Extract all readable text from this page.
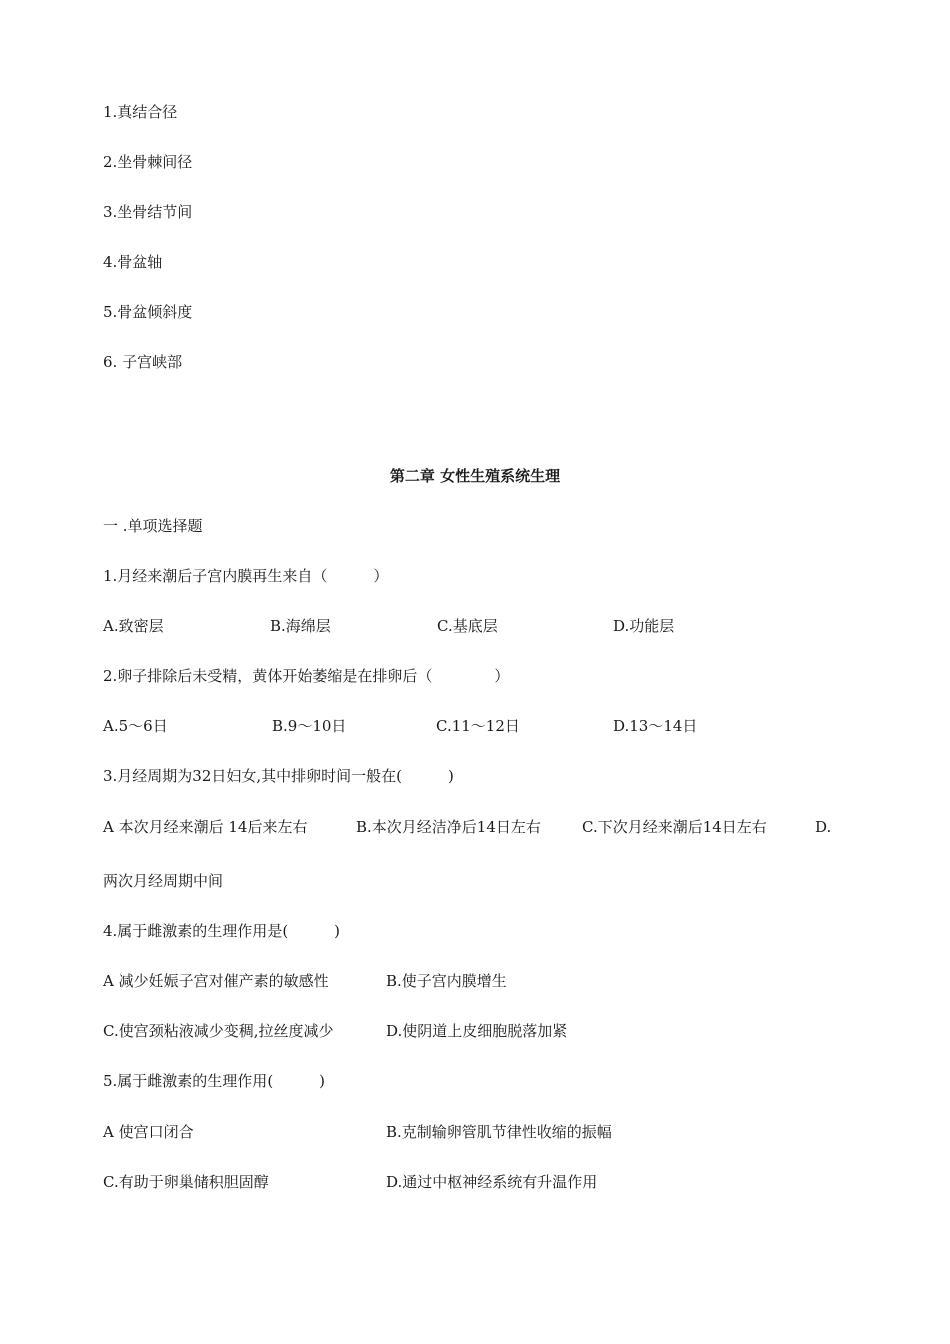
1.真结合径
2.坐骨棘间径
3.坐骨结节间
4.骨盆轴
5.骨盆倾斜度
6. 子宫峡部
第二章 女性生殖系统生理
一 .单项选择题
1.月经来潮后子宫内膜再生来自（	）
A.致密层	B.海绵层	C.基底层	D.功能层
2.卵子排除后未受精，黄体开始萎缩是在排卵后（	）
A.5～6日	B.9～10日	C.11～12日	D.13～14日
3.月经周期为32日妇女,其中排卵时间一般在(	)
A 本次月经来潮后 14后来左右	B.本次月经洁净后14日左右	C.下次月经来潮后14日左右	D.
两次月经周期中间
4.属于雌激素的生理作用是(	)
A 减少妊娠子宫对催产素的敏感性	B.使子宫内膜增生
C.使宫颈粘液减少变稠,拉丝度减少	D.使阴道上皮细胞脱落加紧
5.属于雌激素的生理作用(	)
A 使宫口闭合	B.克制输卵管肌节律性收缩的振幅
C.有助于卵巢储积胆固醇	D.通过中枢神经系统有升温作用
